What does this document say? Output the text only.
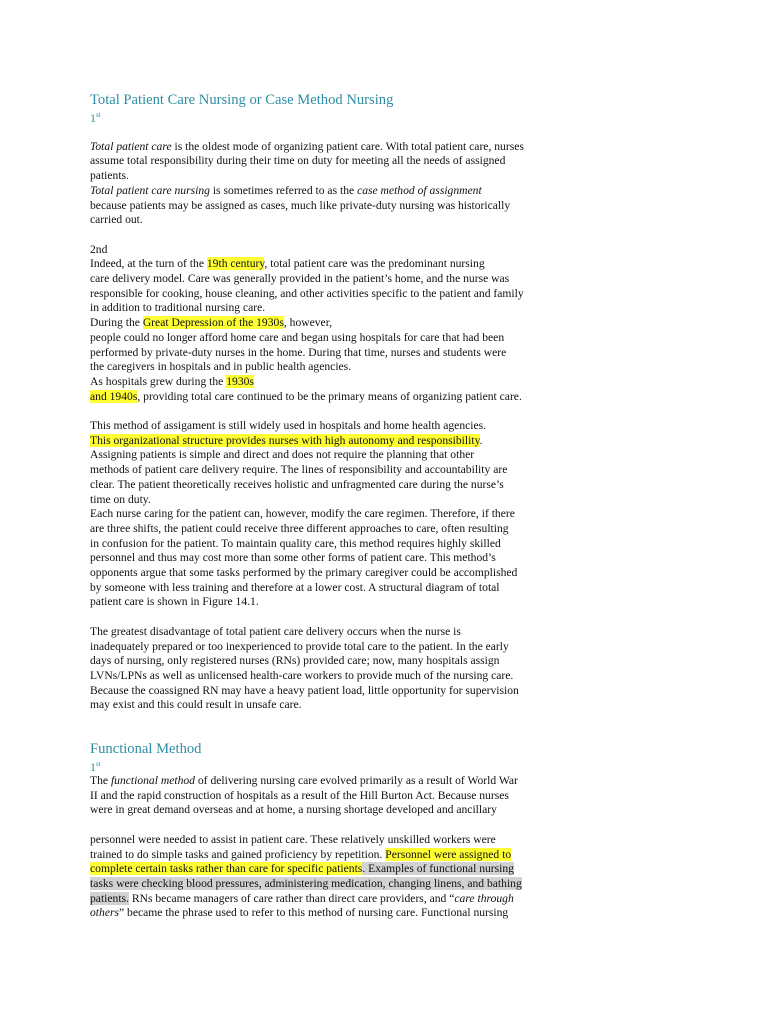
Total Patient Care Nursing or Case Method Nursing
1st
Total patient care is the oldest mode of organizing patient care. With total patient care, nurses
assume total responsibility during their time on duty for meeting all the needs of assigned
patients.
Total patient care nursing is sometimes referred to as the case method of assignment
because patients may be assigned as cases, much like private-duty nursing was historically
carried out.
2nd
Indeed, at the turn of the 19th century, total patient care was the predominant nursing
care delivery model. Care was generally provided in the patient’s home, and the nurse was
responsible for cooking, house cleaning, and other activities specific to the patient and family
in addition to traditional nursing care.
During the Great Depression of the 1930s, however,
people could no longer afford home care and began using hospitals for care that had been
performed by private-duty nurses in the home. During that time, nurses and students were
the caregivers in hospitals and in public health agencies.
As hospitals grew during the 1930s
and 1940s, providing total care continued to be the primary means of organizing patient care.
This method of assigament is still widely used in hospitals and home health agencies.
This organizational structure provides nurses with high autonomy and responsibility.
Assigning patients is simple and direct and does not require the planning that other
methods of patient care delivery require. The lines of responsibility and accountability are
clear. The patient theoretically receives holistic and unfragmented care during the nurse’s
time on duty.
Each nurse caring for the patient can, however, modify the care regimen. Therefore, if there
are three shifts, the patient could receive three different approaches to care, often resulting
in confusion for the patient. To maintain quality care, this method requires highly skilled
personnel and thus may cost more than some other forms of patient care. This method’s
opponents argue that some tasks performed by the primary caregiver could be accomplished
by someone with less training and therefore at a lower cost. A structural diagram of total
patient care is shown in Figure 14.1.
The greatest disadvantage of total patient care delivery occurs when the nurse is
inadequately prepared or too inexperienced to provide total care to the patient. In the early
days of nursing, only registered nurses (RNs) provided care; now, many hospitals assign
LVNs/LPNs as well as unlicensed health-care workers to provide much of the nursing care.
Because the coassigned RN may have a heavy patient load, little opportunity for supervision
may exist and this could result in unsafe care.
Functional Method
1st
The functional method of delivering nursing care evolved primarily as a result of World War
II and the rapid construction of hospitals as a result of the Hill Burton Act. Because nurses
were in great demand overseas and at home, a nursing shortage developed and ancillary
personnel were needed to assist in patient care. These relatively unskilled workers were
trained to do simple tasks and gained proficiency by repetition. Personnel were assigned to
complete certain tasks rather than care for specific patients. Examples of functional nursing
tasks were checking blood pressures, administering medication, changing linens, and bathing
patients. RNs became managers of care rather than direct care providers, and “care through
others” became the phrase used to refer to this method of nursing care. Functional nursing
